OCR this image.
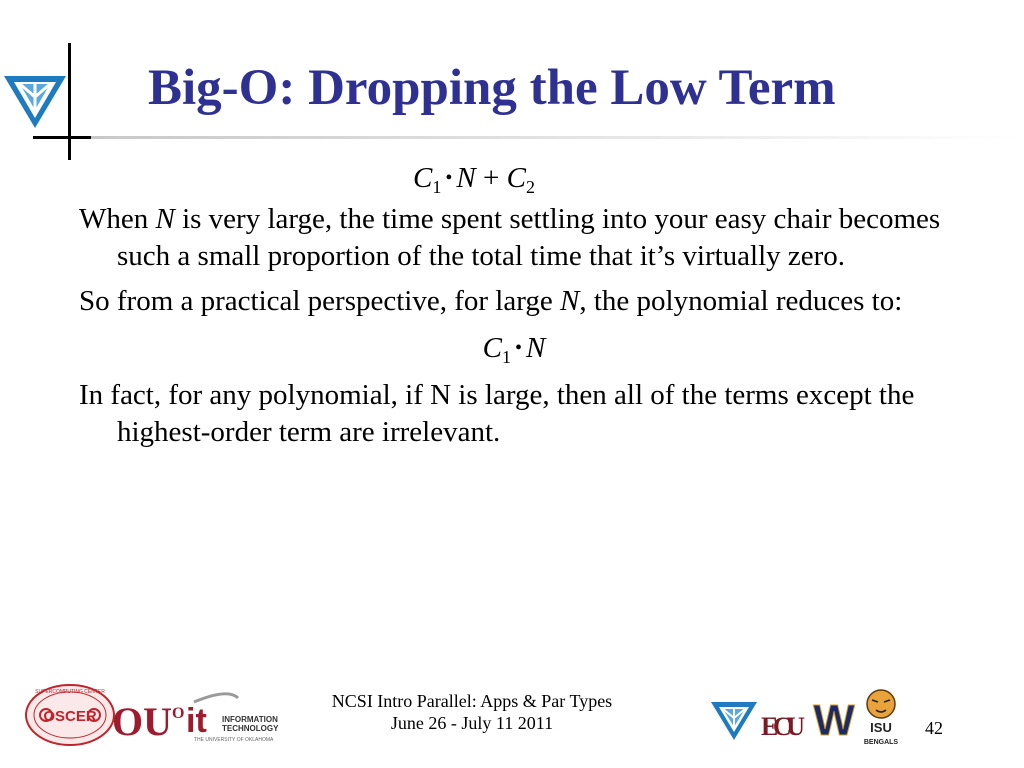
Big-O: Dropping the Low Term
$C_1$ • $N + C_2$

When N is very large, the time spent settling into your easy chair becomes such a small proportion of the total time that it’s virtually zero.

So from a practical perspective, for large N, the polynomial reduces to:

$C_1$ • N

In fact, for any polynomial, if N is large, then all of the terms except the highest-order term are irrelevant.

OSCER
SUPERCOMPUTING CENTER
OU O it INFORMATION
TECHNOLOGY
THE UNIVERSITY OF OKLAHOMA
NCSI Intro Parallel: Apps & Par Types
June 26 - July 11 2011	ECU W ISU
BENGALS
42
